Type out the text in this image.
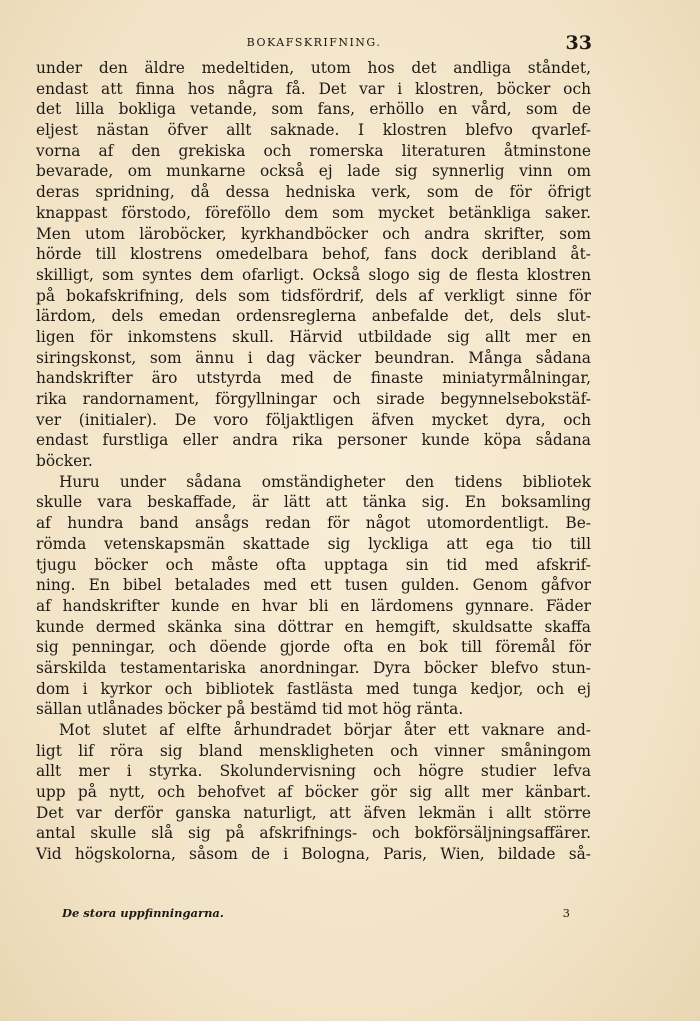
BOKAFSKRIFNING.	33
under den äldre medeltiden, utom hos det andliga ståndet,
endast att finna hos några få. Det var i klostren, böcker och
det lilla bokliga vetande, som fans, erhöllo en vård, som de
eljest nästan öfver allt saknade. I klostren blefvo qvarlef-
vorna af den grekiska och romerska literaturen åtminstone
bevarade, om munkarne också ej lade sig synnerlig vinn om
deras spridning, då dessa hedniska verk, som de för öfrigt
knappast förstodo, föreföllo dem som mycket betänkliga saker.
Men utom läroböcker, kyrkhandböcker och andra skrifter, som
hörde till klostrens omedelbara behof, fans dock deribland åt-
skilligt, som syntes dem ofarligt. Också slogo sig de flesta klostren
på bokafskrifning, dels som tidsfördrif, dels af verkligt sinne för
lärdom, dels emedan ordensreglerna anbefalde det, dels slut-
ligen för inkomstens skull. Härvid utbildade sig allt mer en
siringskonst, som ännu i dag väcker beundran. Många sådana
handskrifter äro utstyrda med de finaste miniatyrmålningar,
rika randornament, förgyllningar och sirade begynnelsebokstäf-
ver (initialer). De voro följaktligen äfven mycket dyra, och
endast furstliga eller andra rika personer kunde köpa sådana
böcker.
Huru under sådana omständigheter den tidens bibliotek
skulle vara beskaffade, är lätt att tänka sig. En boksamling
af hundra band ansågs redan för något utomordentligt. Be-
römda vetenskapsmän skattade sig lyckliga att ega tio till
tjugu böcker och måste ofta upptaga sin tid med afskrif-
ning. En bibel betalades med ett tusen gulden. Genom gåfvor
af handskrifter kunde en hvar bli en lärdomens gynnare. Fäder
kunde dermed skänka sina döttrar en hemgift, skuldsatte skaffa
sig penningar, och döende gjorde ofta en bok till föremål för
särskilda testamentariska anordningar. Dyra böcker blefvo stun-
dom i kyrkor och bibliotek fastlästa med tunga kedjor, och ej
sällan utlånades böcker på bestämd tid mot hög ränta.
Mot slutet af elfte århundradet börjar åter ett vaknare and-
ligt lif röra sig bland menskligheten och vinner småningom
allt mer i styrka. Skolundervisning och högre studier lefva
upp på nytt, och behofvet af böcker gör sig allt mer känbart.
Det var derför ganska naturligt, att äfven lekmän i allt större
antal skulle slå sig på afskrifnings- och bokförsäljningsaffärer.
Vid högskolorna, såsom de i Bologna, Paris, Wien, bildade så-
De stora uppfinningarna.	3
